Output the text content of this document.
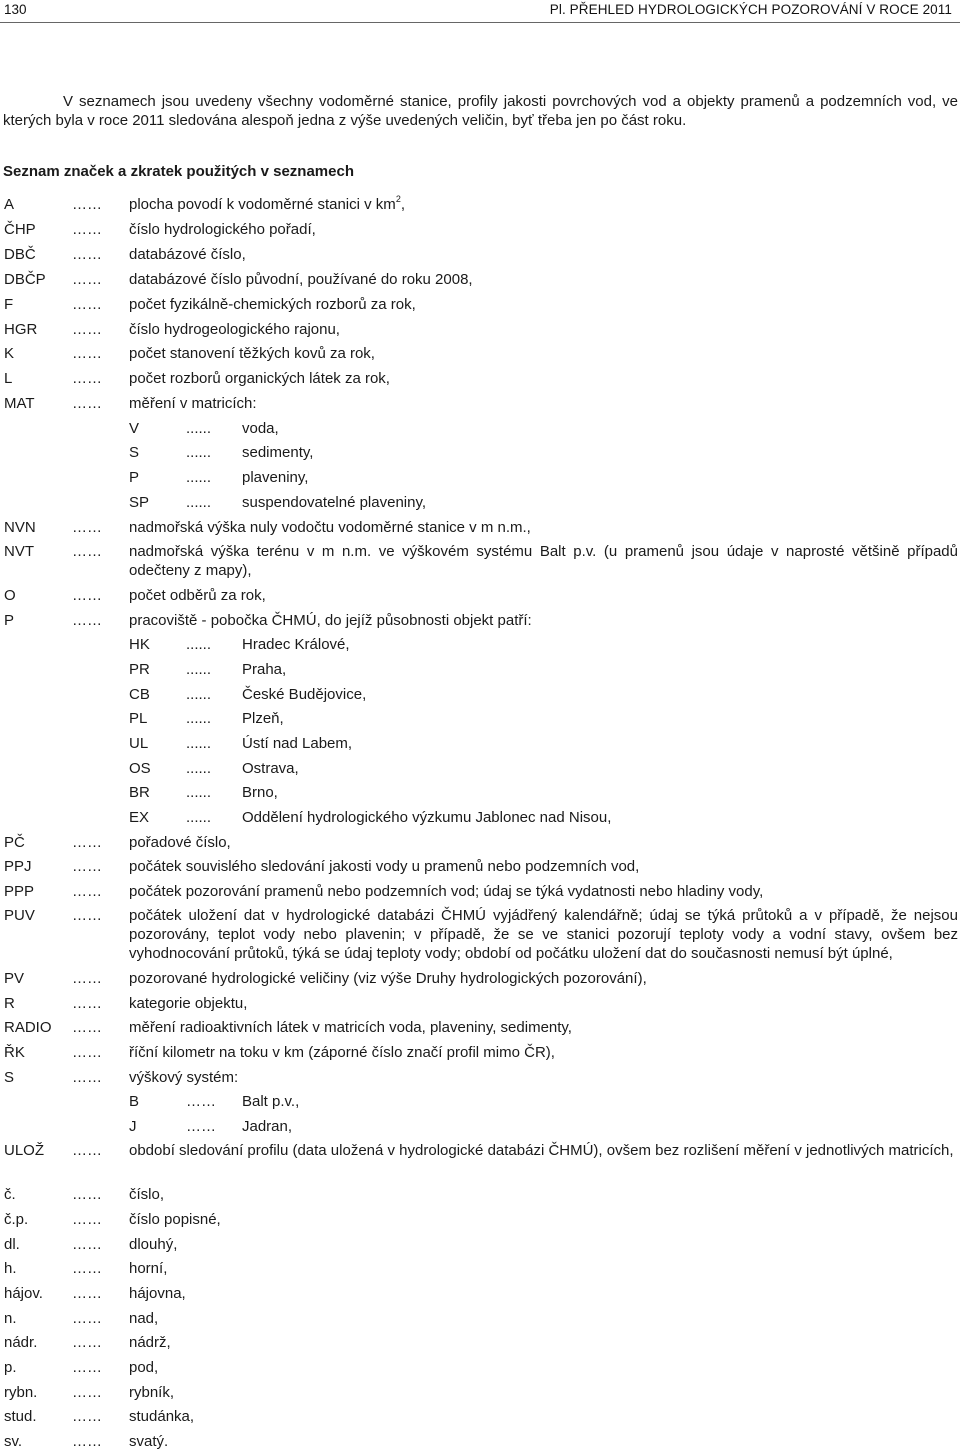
130	Pl. PŘEHLED HYDROLOGICKÝCH POZOROVÁNÍ V ROCE 2011

V seznamech jsou uvedeny všechny vodoměrné stanice, profily jakosti povrchových vod a objekty pramenů a podzemních vod, ve kterých byla v roce 2011 sledována alespoň jedna z výše uvedených veličin, byť třeba jen po část roku.

Seznam značek a zkratek použitých v seznamech
A	…… plocha povodí k vodoměrné stanici v $km^2$,
ČHP …… číslo hydrologického pořadí,
DBČ …… databázové číslo,
DBČP …… databázové číslo původní, používané do roku 2008,
F	…… počet fyzikálně-chemických rozborů za rok,
HGR …… číslo hydrogeologického rajonu,
K	…… počet stanovení těžkých kovů za rok,
L	…… počet rozborů organických látek za rok,
MAT …… měření v matricích:
V	...... voda,
S	...... sedimenty,
P	...... plaveniny,
SP ...... suspendovatelné plaveniny,
NVN …… nadmořská výška nuly vodočtu vodoměrné stanice v m n.m.,
NVT	…… nadmořská výška terénu v m n.m. ve výškovém systému Balt p.v. (u pramenů jsou údaje v naprosté většině případů odečteny z mapy),
O	…… počet odběrů za rok,
P	…… pracoviště - pobočka ČHMÚ, do jejíž působnosti objekt patří:
HK ...... Hradec Králové,
PR ...... Praha,
CB ...... České Budějovice,
PL	...... Plzeň,
UL	...... Ústí nad Labem,
OS ...... Ostrava,
BR ...... Brno,
EX ...... Oddělení hydrologického výzkumu Jablonec nad Nisou,
PČ	…… pořadové číslo,
PPJ	…… počátek souvislého sledování jakosti vody u pramenů nebo podzemních vod,
PPP	…… počátek pozorování pramenů nebo podzemních vod; údaj se týká vydatnosti nebo hladiny vody,
PUV …… počátek uložení dat v hydrologické databázi ČHMÚ vyjádřený kalendářně; údaj se týká průtoků a v případě, že nejsou pozorovány, teplot vody nebo plavenin; v případě, že se ve stanici pozorují teploty vody a vodní stavy, ovšem bez vyhodnocování průtoků, týká se údaj teploty vody; období od počátku uložení dat do současnosti nemusí být úplné,
PV	…… pozorované hydrologické veličiny (viz výše Druhy hydrologických pozorování),
R	…… kategorie objektu,
RADIO …… měření radioaktivních látek v matricích voda, plaveniny, sedimenty,
ŘK	…… říční kilometr na toku v km (záporné číslo značí profil mimo ČR),
S	…… výškový systém:
B	…… Balt p.v.,
J	…… Jadran,
ULOŽ …… období sledování profilu (data uložená v hydrologické databázi ČHMÚ), ovšem bez rozlišení měření v jednotlivých matricích,
č.	…… číslo,
č.p.	…… číslo popisné,
dl.	…… dlouhý,
h.	…… horní,
hájov. …… hájovna,
n.	…… nad,
nádr. …… nádrž,
p.	…… pod,
rybn. …… rybník,
stud. …… studánka,
sv.	…… svatý.
